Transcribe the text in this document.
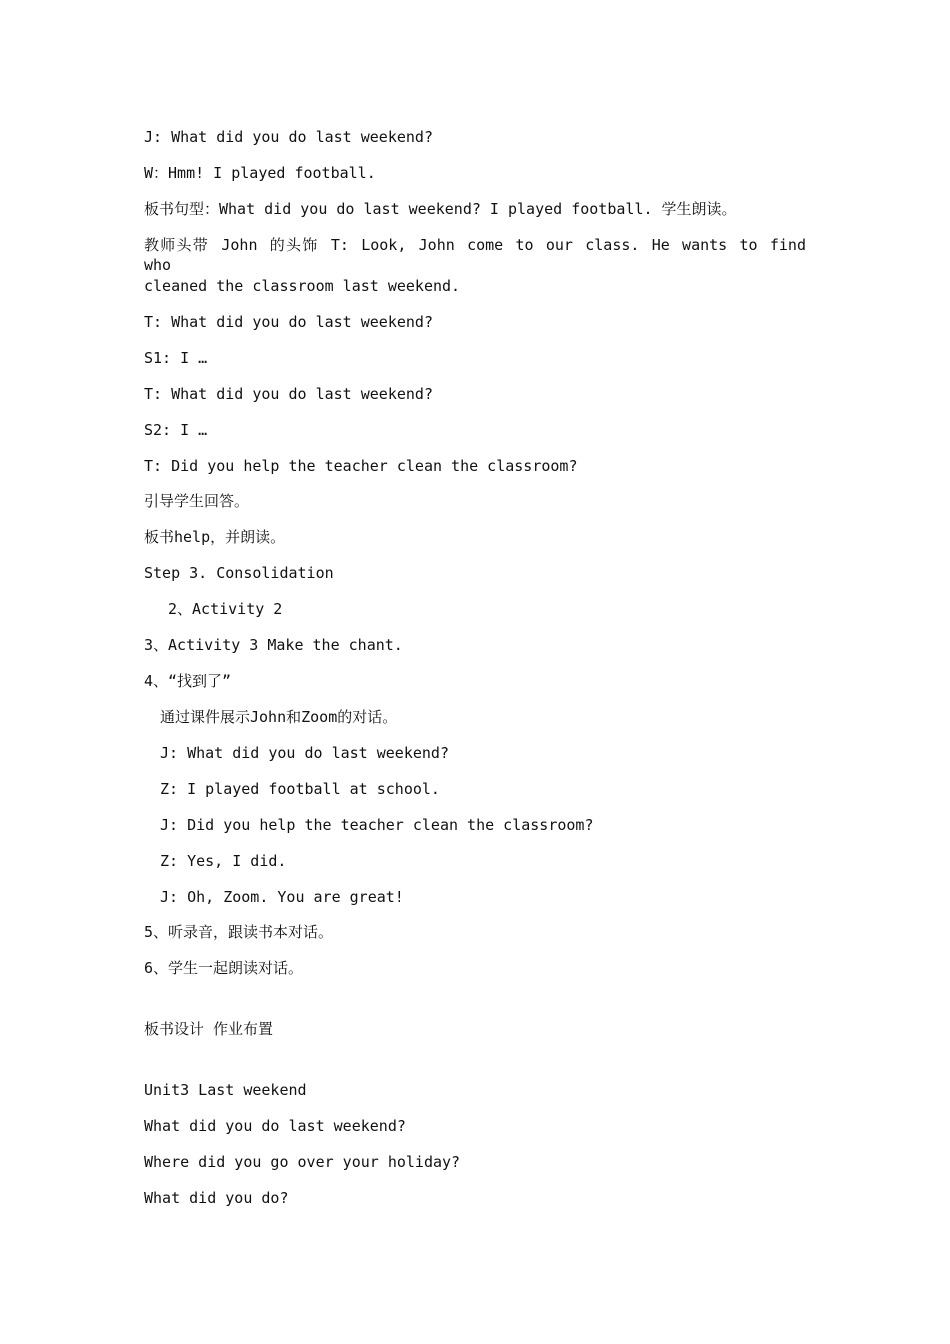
J: What did you do last weekend?
W：Hmm! I played football.
板书句型：What did you do last weekend? I played football. 学生朗读。
教师头带 John 的头饰 T: Look, John come to our class. He wants to find who
cleaned the classroom last weekend.
T: What did you do last weekend?
S1: I …
T: What did you do last weekend?
S2: I …
T: Did you help the teacher clean the classroom?
引导学生回答。
板书help，并朗读。
Step 3. Consolidation
2、Activity 2
3、Activity 3 Make the chant.
4、“找到了”
通过课件展示John和Zoom的对话。
J: What did you do last weekend?
Z: I played football at school.
J: Did you help the teacher clean the classroom?
Z: Yes, I did.
J: Oh, Zoom. You are great!
5、听录音，跟读书本对话。
6、学生一起朗读对话。
板书设计 作业布置
Unit3 Last weekend
What did you do last weekend?
Where did you go over your holiday?
What did you do?
